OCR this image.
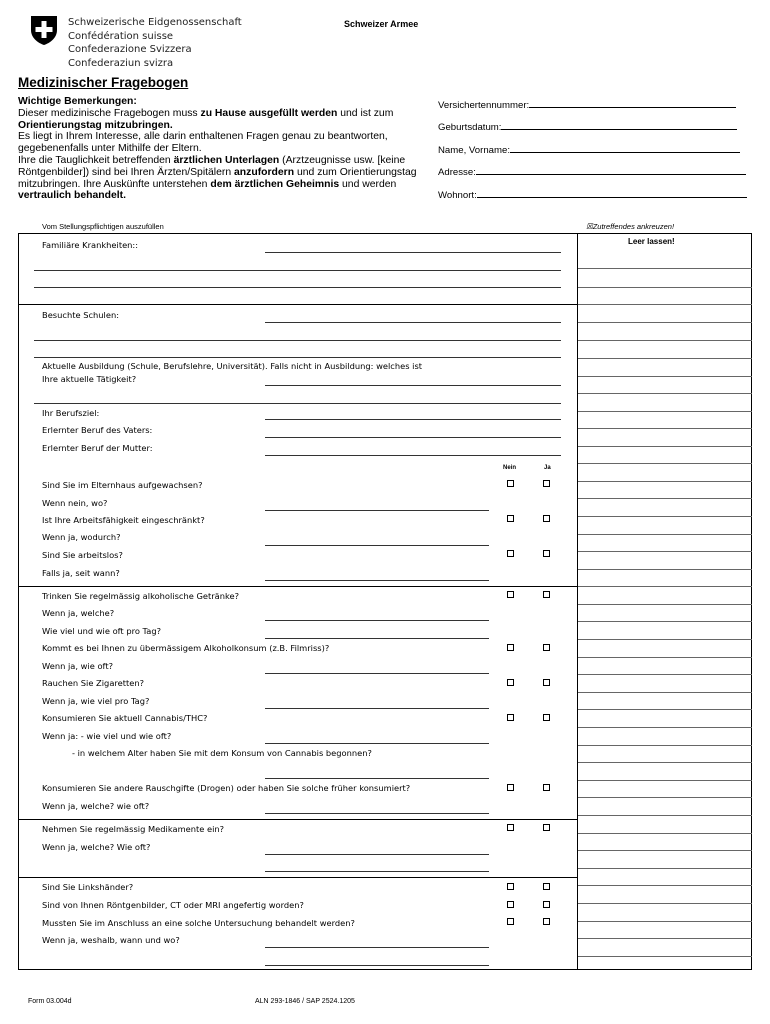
Schweizerische Eidgenossenschaft
Confédération suisse
Confederazione Svizzera
Confederaziun svizra
Schweizer Armee
Medizinischer Fragebogen
Wichtige Bemerkungen:
Dieser medizinische Fragebogen muss zu Hause ausgefüllt werden und ist zum Orientierungstag mitzubringen.
Es liegt in Ihrem Interesse, alle darin enthaltenen Fragen genau zu beantworten, gegebenenfalls unter Mithilfe der Eltern.
Ihre die Tauglichkeit betreffenden ärztlichen Unterlagen (Arztzeugnisse usw. [keine Röntgenbilder]) sind bei Ihren Ärzten/Spitälern anzufordern und zum Orientierungstag mitzubringen. Ihre Auskünfte unterstehen dem ärztlichen Geheimnis und werden vertraulich behandelt.
Versichertennummer:
Geburtsdatum:
Name, Vorname:
Adresse:
Wohnort:
Vom Stellungspflichtigen auszufüllen	☒Zutreffendes ankreuzen!
Leer lassen!
Familiäre Krankheiten::
Besuchte Schulen:
Aktuelle Ausbildung (Schule, Berufslehre, Universität). Falls nicht in Ausbildung: welches ist
Ihre aktuelle Tätigkeit?
Ihr Berufsziel:
Erlernter Beruf des Vaters:
Erlernter Beruf der Mutter:
Nein	Ja
Sind Sie im Elternhaus aufgewachsen?
Wenn nein, wo?
Ist Ihre Arbeitsfähigkeit eingeschränkt?
Wenn ja, wodurch?
Sind Sie arbeitslos?
Falls ja, seit wann?
Trinken Sie regelmässig alkoholische Getränke?
Wenn ja, welche?
Wie viel und wie oft pro Tag?
Kommt es bei Ihnen zu übermässigem Alkoholkonsum (z.B. Filmriss)?
Wenn ja, wie oft?
Rauchen Sie Zigaretten?
Wenn ja, wie viel pro Tag?
Konsumieren Sie aktuell Cannabis/THC?
Wenn ja: - wie viel und wie oft?
- in welchem Alter haben Sie mit dem Konsum von Cannabis begonnen?
Konsumieren Sie andere Rauschgifte (Drogen) oder haben Sie solche früher konsumiert?
Wenn ja, welche? wie oft?
Nehmen Sie regelmässig Medikamente ein?
Wenn ja, welche? Wie oft?
Sind Sie Linkshänder?
Sind von Ihnen Röntgenbilder, CT oder MRI angefertig worden?
Mussten Sie im Anschluss an eine solche Untersuchung behandelt werden?
Wenn ja, weshalb, wann und wo?
Form 03.004d	ALN 293-1846 / SAP 2524.1205
